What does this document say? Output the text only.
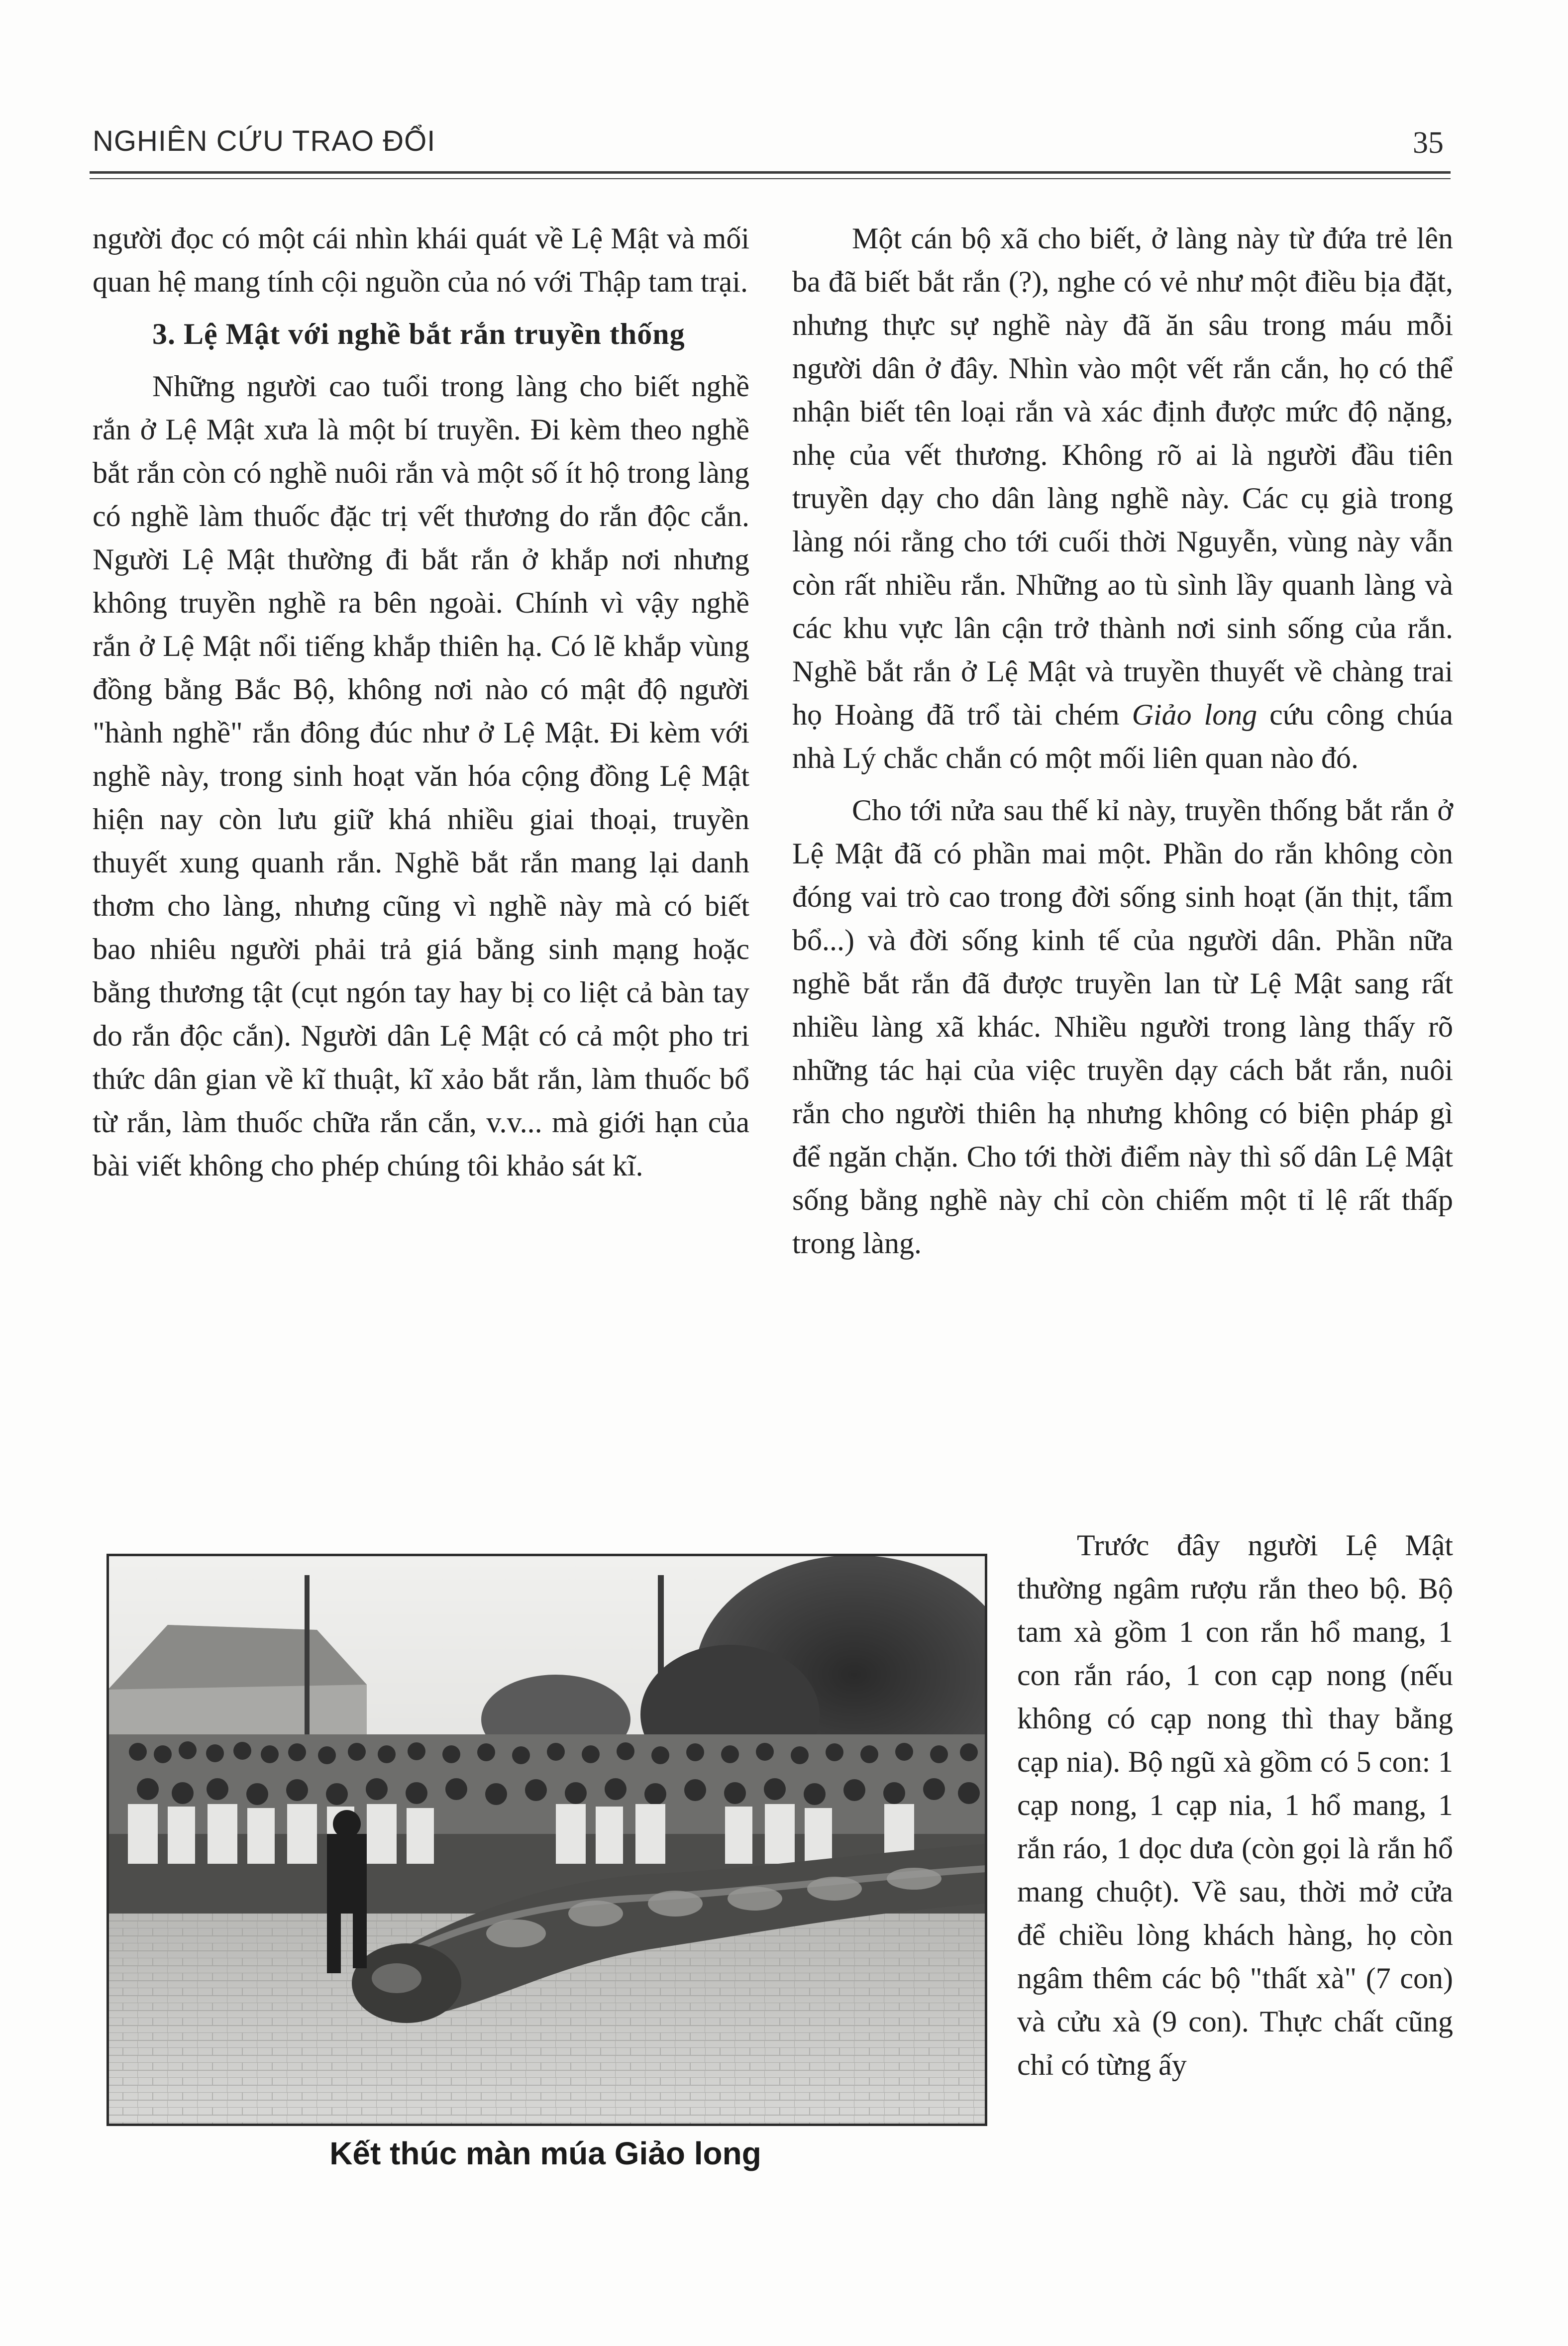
NGHIÊN CỨU TRAO ĐỔI	35

người đọc có một cái nhìn khái quát về Lệ Mật và mối quan hệ mang tính cội nguồn của nó với Thập tam trại.

3. Lệ Mật với nghề bắt rắn truyền thống

Những người cao tuổi trong làng cho biết nghề rắn ở Lệ Mật xưa là một bí truyền. Đi kèm theo nghề bắt rắn còn có nghề nuôi rắn và một số ít hộ trong làng có nghề làm thuốc đặc trị vết thương do rắn độc cắn. Người Lệ Mật thường đi bắt rắn ở khắp nơi nhưng không truyền nghề ra bên ngoài. Chính vì vậy nghề rắn ở Lệ Mật nổi tiếng khắp thiên hạ. Có lẽ khắp vùng đồng bằng Bắc Bộ, không nơi nào có mật độ người "hành nghề" rắn đông đúc như ở Lệ Mật. Đi kèm với nghề này, trong sinh hoạt văn hóa cộng đồng Lệ Mật hiện nay còn lưu giữ khá nhiều giai thoại, truyền thuyết xung quanh rắn. Nghề bắt rắn mang lại danh thơm cho làng, nhưng cũng vì nghề này mà có biết bao nhiêu người phải trả giá bằng sinh mạng hoặc bằng thương tật (cụt ngón tay hay bị co liệt cả bàn tay do rắn độc cắn). Người dân Lệ Mật có cả một pho tri thức dân gian về kĩ thuật, kĩ xảo bắt rắn, làm thuốc bổ từ rắn, làm thuốc chữa rắn cắn, v.v... mà giới hạn của bài viết không cho phép chúng tôi khảo sát kĩ.

Một cán bộ xã cho biết, ở làng này từ đứa trẻ lên ba đã biết bắt rắn (?), nghe có vẻ như một điều bịa đặt, nhưng thực sự nghề này đã ăn sâu trong máu mỗi người dân ở đây. Nhìn vào một vết rắn cắn, họ có thể nhận biết tên loại rắn và xác định được mức độ nặng, nhẹ của vết thương. Không rõ ai là người đầu tiên truyền dạy cho dân làng nghề này. Các cụ già trong làng nói rằng cho tới cuối thời Nguyễn, vùng này vẫn còn rất nhiều rắn. Những ao tù sình lầy quanh làng và các khu vực lân cận trở thành nơi sinh sống của rắn. Nghề bắt rắn ở Lệ Mật và truyền thuyết về chàng trai họ Hoàng đã trổ tài chém Giảo long cứu công chúa nhà Lý chắc chắn có một mối liên quan nào đó.

Cho tới nửa sau thế kỉ này, truyền thống bắt rắn ở Lệ Mật đã có phần mai một. Phần do rắn không còn đóng vai trò cao trong đời sống sinh hoạt (ăn thịt, tẩm bổ...) và đời sống kinh tế của người dân. Phần nữa nghề bắt rắn đã được truyền lan từ Lệ Mật sang rất nhiều làng xã khác. Nhiều người trong làng thấy rõ những tác hại của việc truyền dạy cách bắt rắn, nuôi rắn cho người thiên hạ nhưng không có biện pháp gì để ngăn chặn. Cho tới thời điểm này thì số dân Lệ Mật sống bằng nghề này chỉ còn chiếm một tỉ lệ rất thấp trong làng.

Trước đây người Lệ Mật thường ngâm rượu rắn theo bộ. Bộ tam xà gồm 1 con rắn hổ mang, 1 con rắn ráo, 1 con cạp nong (nếu không có cạp nong thì thay bằng cạp nia). Bộ ngũ xà gồm có 5 con: 1 cạp nong, 1 cạp nia, 1 hổ mang, 1 rắn ráo, 1 dọc dưa (còn gọi là rắn hổ mang chuột). Về sau, thời mở cửa để chiều lòng khách hàng, họ còn ngâm thêm các bộ "thất xà" (7 con) và cửu xà (9 con). Thực chất cũng chỉ có từng ấy

Kết thúc màn múa Giảo long
